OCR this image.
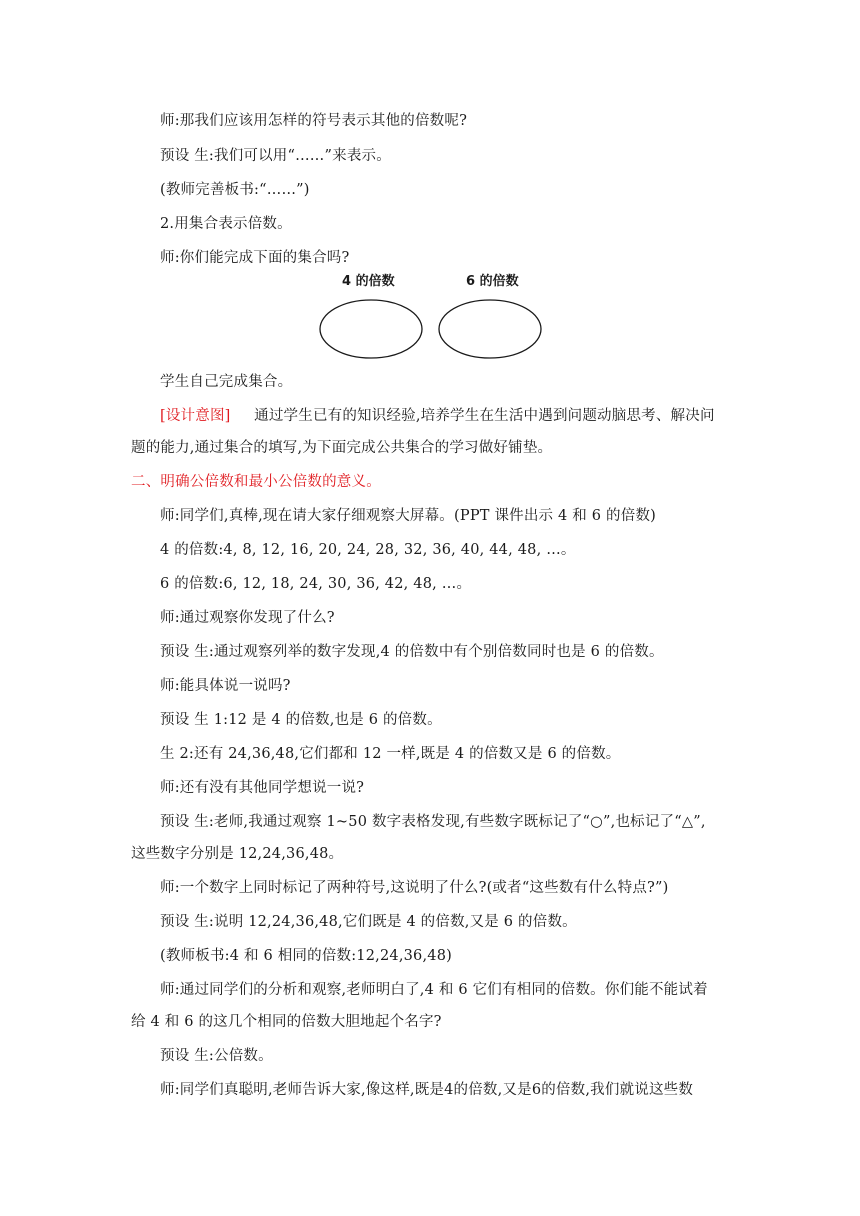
师:那我们应该用怎样的符号表示其他的倍数呢?
预设 生:我们可以用“……”来表示。
(教师完善板书:“……”)
2.用集合表示倍数。
师:你们能完成下面的集合吗?
4 的倍数	6 的倍数
学生自己完成集合。
[设计意图] 通过学生已有的知识经验,培养学生在生活中遇到问题动脑思考、解决问
题的能力,通过集合的填写,为下面完成公共集合的学习做好铺垫。
二、明确公倍数和最小公倍数的意义。
师:同学们,真棒,现在请大家仔细观察大屏幕。(PPT 课件出示 4 和 6 的倍数)
4 的倍数:4, 8, 12, 16, 20, 24, 28, 32, 36, 40, 44, 48, …。
6 的倍数:6, 12, 18, 24, 30, 36, 42, 48, …。
师:通过观察你发现了什么?
预设 生:通过观察列举的数字发现,4 的倍数中有个别倍数同时也是 6 的倍数。
师:能具体说一说吗?
预设 生 1:12 是 4 的倍数,也是 6 的倍数。
生 2:还有 24,36,48,它们都和 12 一样,既是 4 的倍数又是 6 的倍数。
师:还有没有其他同学想说一说?
预设 生:老师,我通过观察 1~50 数字表格发现,有些数字既标记了“○”,也标记了“△”,
这些数字分别是 12,24,36,48。
师:一个数字上同时标记了两种符号,这说明了什么?(或者“这些数有什么特点?”)
预设 生:说明 12,24,36,48,它们既是 4 的倍数,又是 6 的倍数。
(教师板书:4 和 6 相同的倍数:12,24,36,48)
师:通过同学们的分析和观察,老师明白了,4 和 6 它们有相同的倍数。你们能不能试着
给 4 和 6 的这几个相同的倍数大胆地起个名字?
预设 生:公倍数。
师:同学们真聪明,老师告诉大家,像这样,既是4的倍数,又是6的倍数,我们就说这些数
